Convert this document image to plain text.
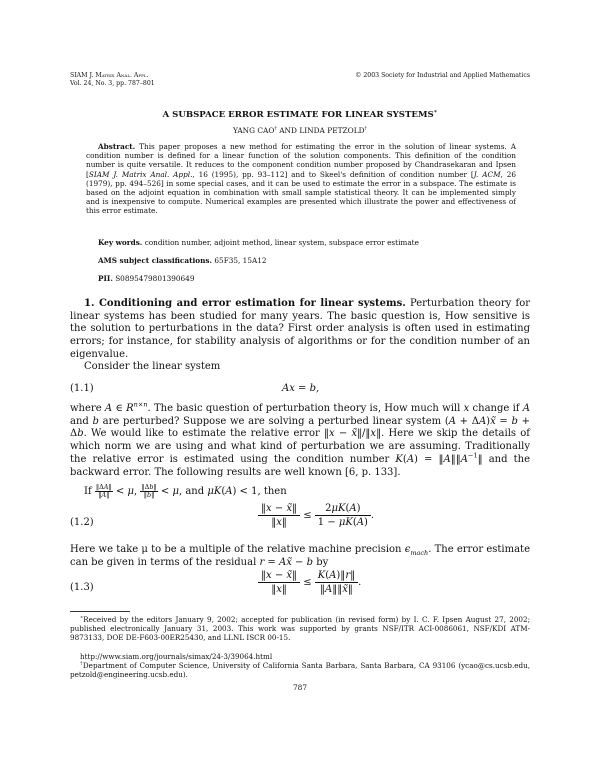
SIAM J. Matrix Anal. Appl.
Vol. 24, No. 3, pp. 787–801
© 2003 Society for Industrial and Applied Mathematics
A SUBSPACE ERROR ESTIMATE FOR LINEAR SYSTEMS∗
YANG CAO† AND LINDA PETZOLD†
Abstract. This paper proposes a new method for estimating the error in the solution of linear systems. A condition number is defined for a linear function of the solution components. This definition of the condition number is quite versatile. It reduces to the component condition number proposed by Chandrasekaran and Ipsen [SIAM J. Matrix Anal. Appl., 16 (1995), pp. 93–112] and to Skeel's definition of condition number [J. ACM, 26 (1979), pp. 494–526] in some special cases, and it can be used to estimate the error in a subspace. The estimate is based on the adjoint equation in combination with small sample statistical theory. It can be implemented simply and is inexpensive to compute. Numerical examples are presented which illustrate the power and effectiveness of this error estimate.
Key words. condition number, adjoint method, linear system, subspace error estimate
AMS subject classifications. 65F35, 15A12
PII. S0895479801390649
1. Conditioning and error estimation for linear systems. Perturbation theory for linear systems has been studied for many years. The basic question is, How sensitive is the solution to perturbations in the data? First order analysis is often used in estimating errors; for instance, for stability analysis of algorithms or for the condition number of an eigenvalue.
Consider the linear system
(1.1)	Ax = b,
where A ∈ $R^{n\times n}$. The basic question of perturbation theory is, How much will x change if A and b are perturbed? Suppose we are solving a perturbed linear system (A + ΔA)x̃ = b + Δb. We would like to estimate the relative error ‖x − x̃‖/‖x‖. Here we skip the details of which norm we are using and what kind of perturbation we are assuming. Traditionally the relative error is estimated using the condition number $K(A) = ‖A‖‖A^{-1}‖$ and the backward error. The following results are well known [6, p. 133].
If $\frac{‖\Delta A‖}{‖A‖} < \mu$, $\frac{‖\Delta b‖}{‖b‖} < \mu$, and μK(A) < 1, then
(1.2)	$\frac{‖x - x̃‖}{‖x‖} \le \frac{2\mu K(A)}{1 - \mu K(A)}$ .
Here we take μ to be a multiple of the relative machine precision $\epsilon_{mach}$. The error estimate can be given in terms of the residual r = Ax̃ − b by
(1.3)	$\frac{‖x - x̃‖}{‖x‖} \le \frac{K(A)‖r‖}{‖A‖‖x̃‖}$ .
∗Received by the editors January 9, 2002; accepted for publication (in revised form) by I. C. F. Ipsen August 27, 2002; published electronically January 31, 2003. This work was supported by grants NSF/ITR ACI-0086061, NSF/KDI ATM-9873133, DOE DE-F603-00ER25430, and LLNL ISCR 00-15.
http://www.siam.org/journals/simax/24-3/39064.html
†Department of Computer Science, University of California Santa Barbara, Santa Barbara, CA 93106 (ycao@cs.ucsb.edu, petzold@engineering.ucsb.edu).
787
